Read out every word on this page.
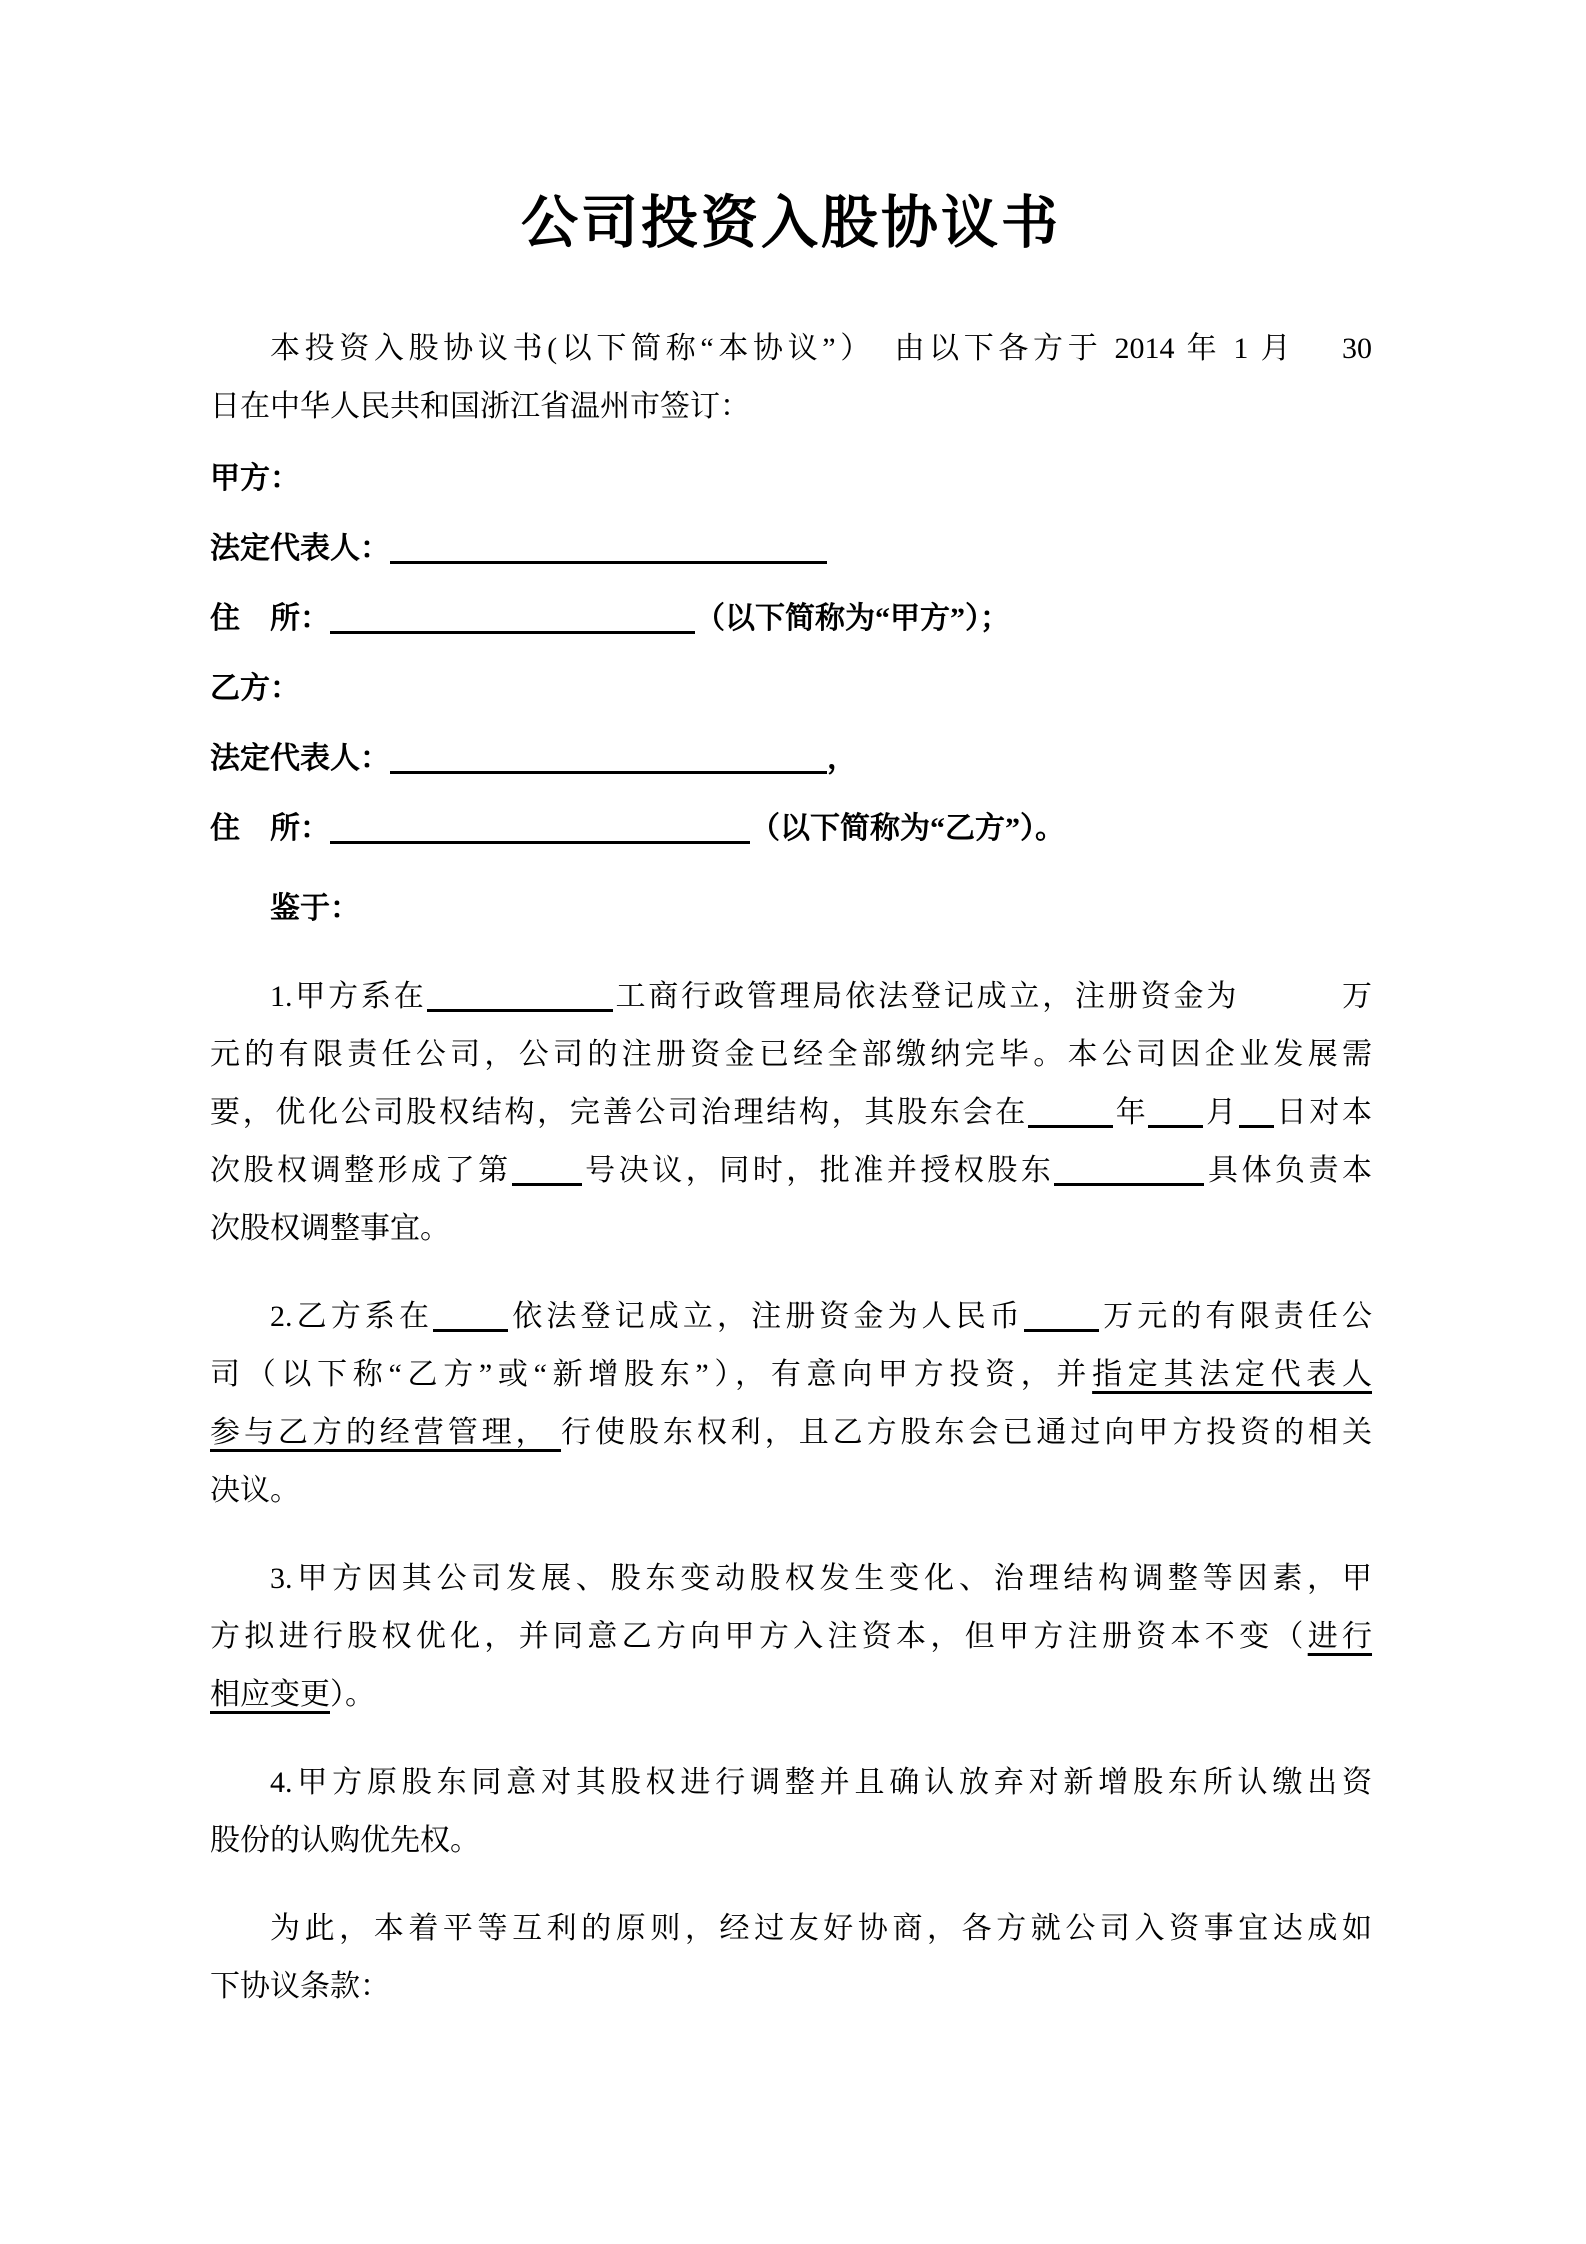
公司投资入股协议书
本投资入股协议书(以下简称“本协议”）　由以下各方于 2014 年 1 月　 30
日在中华人民共和国浙江省温州市签订：
甲方：
法定代表人：
住　所：	（以下简称为“甲方”）；
乙方：
法定代表人：	，
住　所：	（以下简称为“乙方”）。
鉴于：
1.甲方系在	工商行政管理局依法登记成立，注册资金为	万
元的有限责任公司，公司的注册资金已经全部缴纳完毕。本公司因企业发展需
要，优化公司股权结构，完善公司治理结构，其股东会在	年 月 日对本
次股权调整形成了第 号决议，同时，批准并授权股东	具体负责本
次股权调整事宜。
2.乙方系在	依法登记成立，注册资金为人民币	万元的有限责任公
司（以下称“乙方”或“新增股东”），有意向甲方投资，并指定其法定代表人
参与乙方的经营管理， 行使股东权利，且乙方股东会已通过向甲方投资的相关
决议。
3.甲方因其公司发展、股东变动股权发生变化、治理结构调整等因素，甲
方拟进行股权优化，并同意乙方向甲方入注资本，但甲方注册资本不变（进行
相应变更）。
4.甲方原股东同意对其股权进行调整并且确认放弃对新增股东所认缴出资
股份的认购优先权。
为此，本着平等互利的原则，经过友好协商，各方就公司入资事宜达成如
下协议条款：
